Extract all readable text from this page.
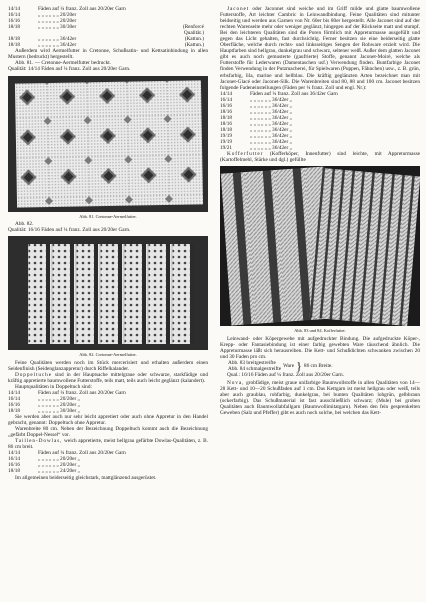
14/14	Fäden auf ¼ franz. Zoll aus 20/20er Garn	
16/14	„ „ „ „ „ „ 20/20er	
16/16	„ „ „ „ „ „ 20/20er	
18/18	„ „ „ „ „ „ 30/30er	(Renforcé
		Qualität.)
18/18	„ „ „ „ „ „ 36/42er	(Kattun.)
18/18	„ „ „ „ „ „ 36/42er	(Kattun.)

Außerdem wird Aermelfutter in Cretonne, Schußsatin- und Kettsatinbindung in allen Mustern (bedruckt) hergestellt.

Abb. 81. — Cretonne-Aermelfutter bedruckt.

Qualität: 14/14 Fäden auf ¼ franz. Zoll aus 20/20er Garn.

Abb. 81. Cretonne-Aermelfutter.

Abb. 82.

Qualität: 16/16 Fäden auf ¼ franz. Zoll aus 20/20er Garn.

Abb. 82. Cretonne-Aermelfutter.

Feine Qualitäten werden noch im Stück mercerisiert und erhalten außerdem einen Seidenfinish (Seidenglanzappretur) durch Riffelkalander.

Doppeltuche sind in der Hauptsache mittelgraue oder schwarze, starkfädige und kräftig appretierte baumwollene Futterstoffe, teils matt, teils auch leicht geglänzt (kalandert).

Hauptqualitäten in Doppeltuch sind:

14/14	Fäden auf ¼ franz. Zoll aus 20/20er Garn
16/14	„ „ „ „ „ „ 20/20er „
16/16	„ „ „ „ „ „ 20/20er „
18/18	„ „ „ „ „ „ 30/30er „

Sie werden aber auch nur sehr leicht appretiert oder auch ohne Appretur in den Handel gebracht, genannt: Doppeltuch ohne Appretur.

Warenbreite 80 cm. Neben der Bezeichnung Doppeltuch kommt auch die Bezeichnung „gefärbt Doppel-Nessel“ vor.

Taillen-Dowlas, weich appretierte, meist hellgrau gefärbte Dowlas-Qualitäten, z. B. 86 cm breit.

14/14	Fäden auf ¼ franz. Zoll aus 20/20er Garn
16/14	„ „ „ „ „ „ 20/20er „
16/16	„ „ „ „ „ „ 20/20er „
18/18	„ „ „ „ „ „ 24/20er „

Im allgemeinen beiderseitig gleichstark, mattglänzend ausgerüstet.

Jaconet oder Jaconnet sind weiche und im Griff milde und glatte baumwollene Futterstoffe, Art leichter Cambric in Leinwandbindung. Feine Qualitäten sind mitunter beidseitig und werden aus Garnen von Nr. 60er bis 80er hergestellt. Alle Jaconet sind auf der rechten Warenseite mehr oder weniger geglänzt, hingegen auf der Rückseite matt und stumpf. Bei den leichteren Qualitäten sind die Poren förmlich mit Appreturmasse ausgefüllt und gegen das Licht gehalten, fast durchsichtig. Ferner besitzen sie eine beiderseitig glatte Oberfläche, welche durch rechts- und linksseitiges Sengen der Rohware erzielt wird. Die Hauptfarben sind hellgrau, dunkelgrau und schwarz, seltener weiß. Außer dem glatten Jaconet gibt es auch noch gemusterte (gaufrierte) Stoffe, genannt Jaconet-Moiré, welche als Futterstoffe für Lederwaren (Damentaschen usf.) Verwendung finden. Buntfarbige Jaconet finden Verwendung in der Putzmacherei, für Spielwaren (Puppen, Fähnchen) usw., z. B. grün, erbsfarbig, lila, marine und hellblau. Die kräftig geglänzten Arten bezeichnet man mit Jaconet-Glacé oder Jaconet-Silk. Die Warenbreiten sind 80, 88 und 100 cm. Jaconet besitzen folgende Fadeneinstellungen (Fäden per ¼ franz. Zoll und engl. Nr.):

14/14	Fäden auf ¼ franz. Zoll aus 36/42er Garn
16/14	„ „ „ „ „ „ 36/42er „
16/16	„ „ „ „ „ „ 36/42er „
18/16	„ „ „ „ „ „ 36/42er „
18/18	„ „ „ „ „ „ 36/42er „
18/16	„ „ „ „ „ „ 36/42er „
18/18	„ „ „ „ „ „ 36/42er „
19/19	„ „ „ „ „ „ 36/42er „
19/19	„ „ „ „ „ „ 36/42er „
19/21	„ „ „ „ „ „ 36/42er „

Kofferfutter (Kofferköper, Innenfutter) sind leichte, mit Appreturmasse (Kartoffelmehl, Stärke und dgl.) gefüllte

Abb. 83 und 84. Kofferfutter.

Leinwand- oder Köpergewebe mit aufgedruckter Bindung. Die aufgedruckte Köper-, Krepp- oder Fantasiebindung ist einer farbig gewebten Ware täuschend ähnlich. Die Appreturmasse läßt sich herausreiben. Die Kett- und Schußdichten schwanken zwischen 20 und 30 Faden pro cm.

Abb. 83 breitgestreifte
Abb. 84 schmalgestreifte
Ware } 86 cm Breite.

Qual.: 16/16 Fäden auf ¼ franz. Zoll aus 20/20er Garn.

Nova, grobfädige, meist graue unifarbige Baumwollstoffe in allen Qualitäten von 14—28 Kett- und 10—20 Schußfaden auf 1 cm. Das Kettgarn ist meist hellgrau oder weiß, teils aber auch graublau, rohfarbig, dunkelgrau, bei bunten Qualitäten lohgrün, gelbbraun (ockerfarbig). Das Schußmaterial ist fast ausschließlich schwarz; (Mule) bei groben Qualitäten auch Baumwollabfallgarn (Baumwollimitatgarn). Neben den fein gesprenkelten Geweben (Salz und Pfeffer) gibt es auch noch solche, bei welchen das Kett-
